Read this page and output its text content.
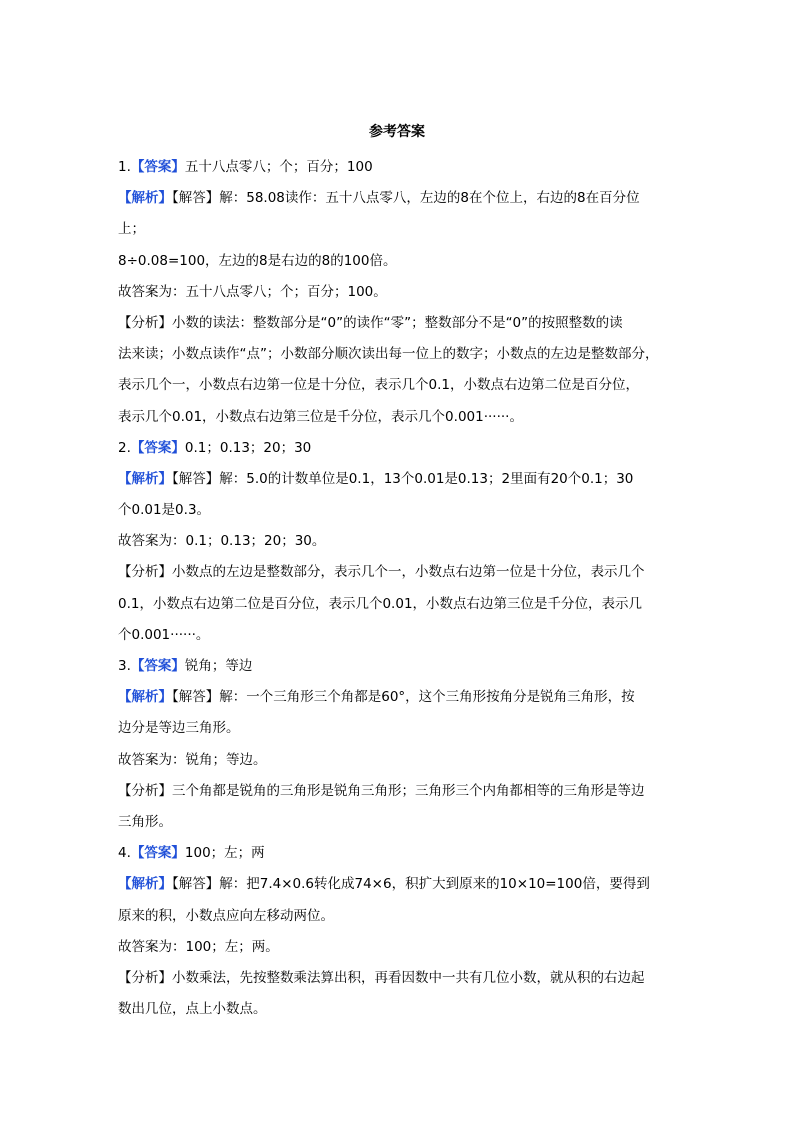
参考答案
1.【答案】五十八点零八；个；百分；100
【解析】【解答】解：58.08读作：五十八点零八，左边的8在个位上，右边的8在百分位
上；
8÷0.08=100，左边的8是右边的8的100倍。
故答案为：五十八点零八；个；百分；100。
【分析】小数的读法：整数部分是“0”的读作“零”；整数部分不是“0”的按照整数的读
法来读；小数点读作“点”；小数部分顺次读出每一位上的数字；小数点的左边是整数部分，
表示几个一，小数点右边第一位是十分位，表示几个0.1，小数点右边第二位是百分位，
表示几个0.01，小数点右边第三位是千分位，表示几个0.001······。
2.【答案】0.1；0.13；20；30
【解析】【解答】解：5.0的计数单位是0.1，13个0.01是0.13；2里面有20个0.1；30
个0.01是0.3。
故答案为：0.1；0.13；20；30。
【分析】小数点的左边是整数部分，表示几个一，小数点右边第一位是十分位，表示几个
0.1，小数点右边第二位是百分位，表示几个0.01，小数点右边第三位是千分位，表示几
个0.001······。
3.【答案】锐角；等边
【解析】【解答】解：一个三角形三个角都是60°，这个三角形按角分是锐角三角形，按
边分是等边三角形。
故答案为：锐角；等边。
【分析】三个角都是锐角的三角形是锐角三角形；三角形三个内角都相等的三角形是等边
三角形。
4.【答案】100；左；两
【解析】【解答】解：把7.4×0.6转化成74×6，积扩大到原来的10×10=100倍，要得到
原来的积，小数点应向左移动两位。
故答案为：100；左；两。
【分析】小数乘法，先按整数乘法算出积，再看因数中一共有几位小数，就从积的右边起
数出几位，点上小数点。
